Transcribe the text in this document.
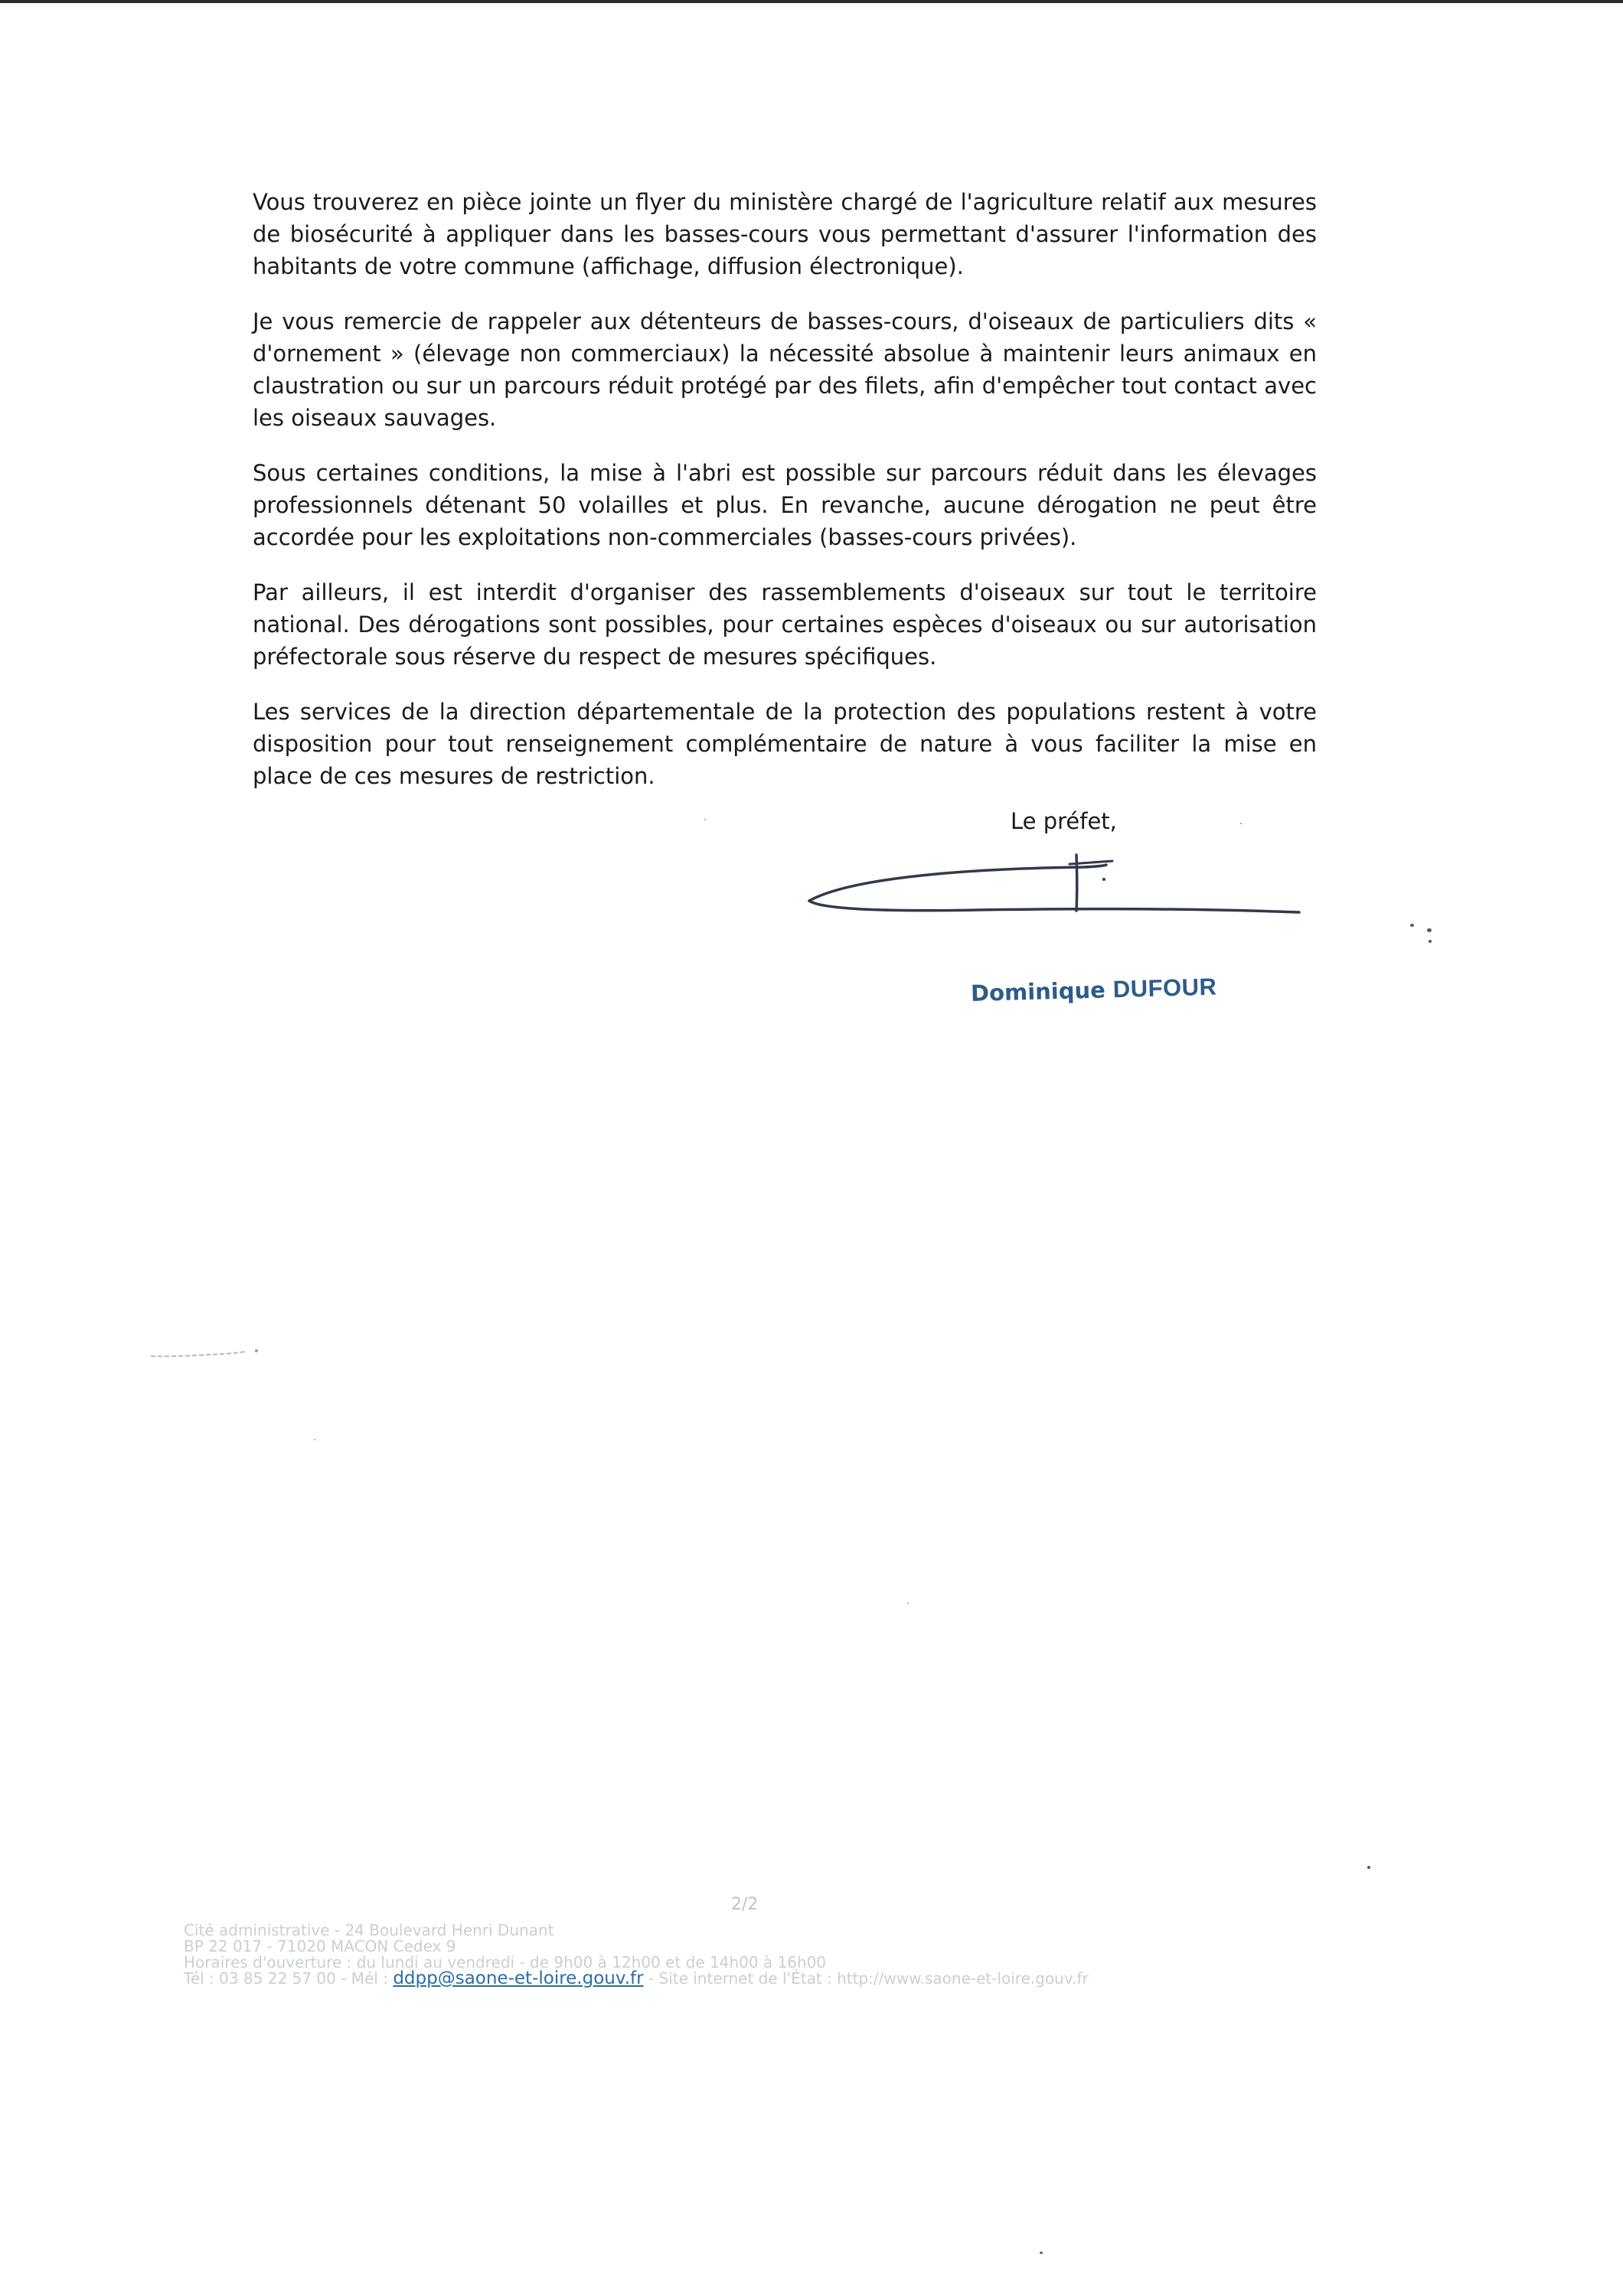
Vous trouverez en pièce jointe un flyer du ministère chargé de l'agriculture relatif aux mesures de biosécurité à appliquer dans les basses-cours vous permettant d'assurer l'information des habitants de votre commune (affichage, diffusion électronique).

Je vous remercie de rappeler aux détenteurs de basses-cours, d'oiseaux de particuliers dits « d'ornement » (élevage non commerciaux) la nécessité absolue à maintenir leurs animaux en claustration ou sur un parcours réduit protégé par des filets, afin d'empêcher tout contact avec les oiseaux sauvages.

Sous certaines conditions, la mise à l'abri est possible sur parcours réduit dans les élevages professionnels détenant 50 volailles et plus. En revanche, aucune dérogation ne peut être accordée pour les exploitations non-commerciales (basses-cours privées).

Par ailleurs, il est interdit d'organiser des rassemblements d'oiseaux sur tout le territoire national. Des dérogations sont possibles, pour certaines espèces d'oiseaux ou sur autorisation préfectorale sous réserve du respect de mesures spécifiques.

Les services de la direction départementale de la protection des populations restent à votre disposition pour tout renseignement complémentaire de nature à vous faciliter la mise en place de ces mesures de restriction.

Le préfet,
Dominique DUFOUR
2/2
Cité administrative - 24 Boulevard Henri Dunant
BP 22 017 - 71020 MACON Cedex 9
Horaires d'ouverture : du lundi au vendredi - de 9h00 à 12h00 et de 14h00 à 16h00
Tél : 03 85 22 57 00 - Mél : ddpp@saone-et-loire.gouv.fr - Site internet de l'État : http://www.saone-et-loire.gouv.fr
